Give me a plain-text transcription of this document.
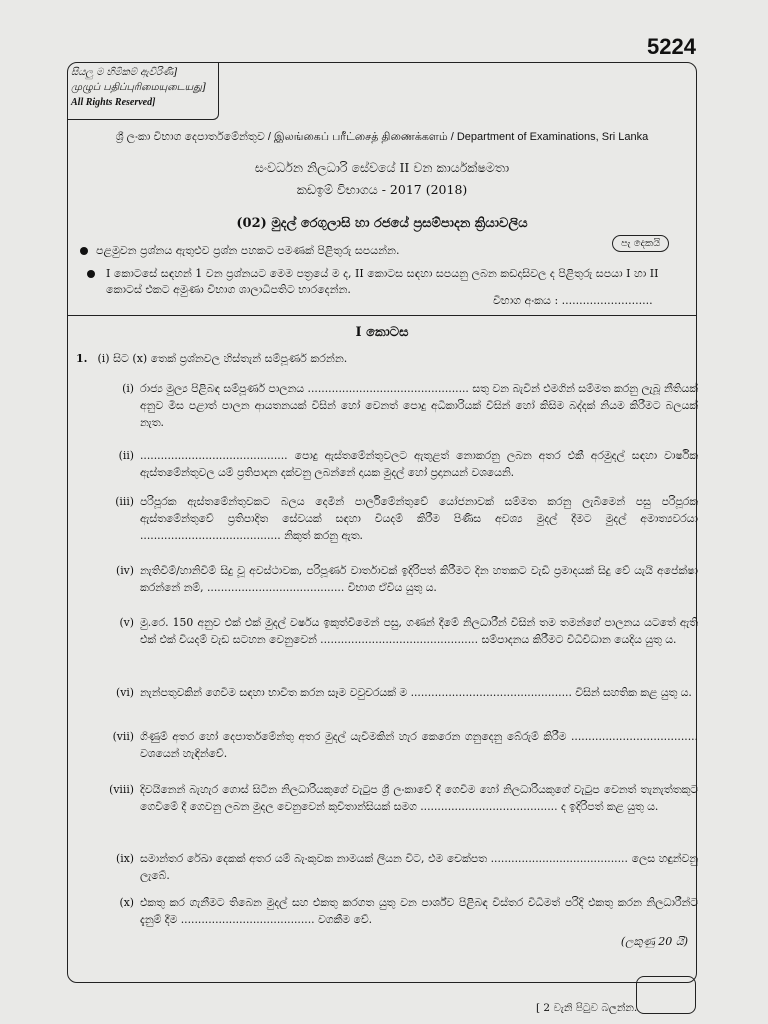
5224
සියලු ම හිමිකම් ඇවිරිණි]
முழுப் பதிப்புரிமையுடையது]
All Rights Reserved]
ශ්‍රී ලංකා විභාග දෙපාර්තමේන්තුව / இலங்கைப் பரீட்சைத் திணைக்களம் / Department of Examinations, Sri Lanka
සංවර්ධන නිලධාරි සේවයේ II වන කාර්යක්ෂමතා
කඩඉම් විභාගය - 2017 (2018)
(02) මුදල් රෙගුලාසි හා රජයේ ප්‍රසම්පාදන ක්‍රියාවලිය
පැ දෙකයි
පළමුවන ප්‍රශ්නය ඇතුළුව ප්‍රශ්න පහකට පමණක් පිළිතුරු සපයන්න.
I කොටසේ සඳහන් 1 වන ප්‍රශ්නයට මෙම පත්‍රයේ ම ද, II කොටස සඳහා සපයනු ලබන කඩදාසිවල ද පිළිතුරු සපයා I හා II කොටස් එකට අමුණා විභාග ශාලාධිපතිට භාරදෙන්න.
විභාග අංකය : ..........................
I කොටස
1. (i) සිට (x) තෙක් ප්‍රශ්නවල හිස්තැන් සම්පූර්ණ කරන්න.
(i) රාජ්‍ය මුල්‍ය පිළිබඳ සම්පූර්ණ පාලනය ............................................... සතු වන බැවින් එමගින් සම්මත කරනු ලැබූ නීතියක් අනුව මිස පළාත් පාලන ආයතනයක් විසින් හෝ වෙනත් පොදු අධිකාරියක් විසින් හෝ කිසිම බද්දක් නියම කිරීමට බලයක් නැත.
(ii) ........................................... පොදු ඇස්තමේන්තුවලට ඇතුළත් නොකරනු ලබන අතර එකී අරමුදල් සඳහා වාර්ෂික ඇස්තමේන්තුවල යම් ප්‍රතිපාදන දක්වනු ලබන්නේ දායක මුදල් හෝ ප්‍රදානයන් වශයෙනි.
(iii) පරිපූරක ඇස්තමේන්තුවකට බලය දෙමින් පාර්ලිමේන්තුවේ යෝජනාවක් සම්මත කරනු ලැබීමෙන් පසු පරිපූරක ඇස්තමේන්තුවේ ප්‍රතිපාදිත සේවයක් සඳහා වියදම් කිරීම පිණිස අවශ්‍ය මුදල් දීමට මුදල් අමාත්‍යවරයා ......................................... නිකුත් කරනු ඇත.
(iv) නැතිවීම්/හානිවීම් සිදු වූ අවස්ථාවක, පරිපූර්ණ වාර්තාවක් ඉදිරිපත් කිරීමට දින හතකට වැඩි ප්‍රමාදයක් සිදු වේ යැයි අපේක්ෂා කරන්නේ නම්, ........................................ විභාග ඒවිය යුතු ය.
(v) මු.රෙ. 150 අනුව එක් එක් මුදල් වර්ෂය ඉකුත්වීමෙන් පසු, ගණන් දීමේ නිලධාරීන් විසින් තම තමන්ගේ පාලනය යටතේ ඇති එක් එක් වියදම් වැඩ සටහන වෙනුවෙන් .............................................. සම්පාදනය කිරීමට විධිවිධාන යෙදිය යුතු ය.
(vi) නැන්පතුවකින් ගෙවීම සඳහා භාවිත කරන සෑම වවුචරයක් ම ............................................... විසින් සහතික කළ යුතු ය.
(vii) ගිණුම් අතර හෝ දෙපාර්තමේන්තු අතර මුදල් යැවීමකින් හැර කෙරෙන ගනුදෙනු බේරුම් කිරීම ..................................... වශයෙන් හැඳින්වේ.
(viii) දිවයිනෙන් බැහැර ගොස් සිටින නිලධාරියකුගේ වැටුප ශ්‍රී ලංකාවේ දී ගෙවීම හෝ නිලධාරියකුගේ වැටුප වෙනත් තැනැත්තකුට ගෙවීමේ දී ගෙවනු ලබන මුදල වෙනුවෙන් කුවිතාන්සියක් සමග ........................................ ද ඉදිරිපත් කළ යුතු ය.
(ix) සමාන්තර රේඛා දෙකක් අතර යම් බැංකුවක නාමයක් ලියන විට, එම චෙක්පත ........................................ ලෙස හඳුන්වනු ලැබේ.
(x) එකතු කර ගැනීමට තිබෙන මුදල් සහ එකතු කරගත යුතු වන පාර්ශ්ව පිළිබඳ විස්තර විධිමත් පරිදි එකතු කරන නිලධාරීන්ට දැනුම් දීම ....................................... වගකීම වේ.
(ලකුණු 20 යි)
[ 2 වැනි පිටුව බලන්න.
